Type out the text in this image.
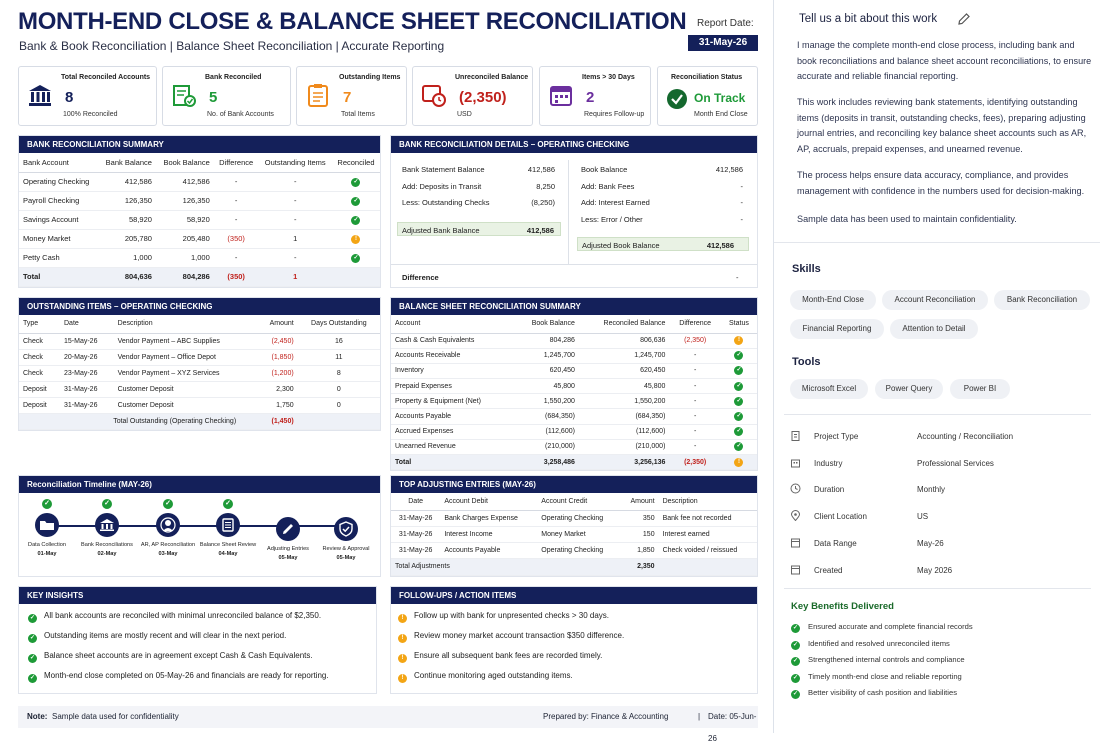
MONTH-END CLOSE & BALANCE SHEET RECONCILIATION
Bank & Book Reconciliation | Balance Sheet Reconciliation | Accurate Reporting
Report Date:
31-May-26
Total Reconciled Accounts
8
100% Reconciled
Bank Reconciled
5
No. of Bank Accounts
Outstanding Items
7
Total Items
Unreconciled Balance
(2,350)
USD
Items > 30 Days
2
Requires Follow-up
Reconciliation Status
On Track
Month End Close
BANK RECONCILIATION SUMMARY
Bank Account	Bank Balance	Book Balance	Difference	Outstanding Items	Reconciled
Operating Checking	412,586	412,586	-	-	✓
Payroll Checking	126,350	126,350	-	-	✓
Savings Account	58,920	58,920	-	-	✓
Money Market	205,780	205,480	(350)	1	!
Petty Cash	1,000	1,000	-	-	✓
Total	804,636	804,286	(350)	1	
BANK RECONCILIATION DETAILS – OPERATING CHECKING
Adjusted Bank Balance	412,586
Adjusted Book Balance	412,586
Difference	-
Bank Statement Balance	412,586
Add: Deposits in Transit	8,250
Less: Outstanding Checks	(8,250)
Book Balance	412,586
Add: Bank Fees	-
Add: Interest Earned	-
Less: Error / Other	-
OUTSTANDING ITEMS – OPERATING CHECKING
Type	Date	Description	Amount	Days Outstanding
Check	15-May-26	Vendor Payment – ABC Supplies	(2,450)	16
Check	20-May-26	Vendor Payment – Office Depot	(1,850)	11
Check	23-May-26	Vendor Payment – XYZ Services	(1,200)	8
Deposit	31-May-26	Customer Deposit	2,300	0
Deposit	31-May-26	Customer Deposit	1,750	0
Total Outstanding (Operating Checking)			(1,450)	
BALANCE SHEET RECONCILIATION SUMMARY
Account	Book Balance	Reconciled Balance	Difference	Status
Cash & Cash Equivalents	804,286	806,636	(2,350)	!
Accounts Receivable	1,245,700	1,245,700	-	✓
Inventory	620,450	620,450	-	✓
Prepaid Expenses	45,800	45,800	-	✓
Property & Equipment (Net)	1,550,200	1,550,200	-	✓
Accounts Payable	(684,350)	(684,350)	-	✓
Accrued Expenses	(112,600)	(112,600)	-	✓
Unearned Revenue	(210,000)	(210,000)	-	✓
Total	3,258,486	3,256,136	(2,350)	!
Reconciliation Timeline (MAY-26)
✓
Data Collection
01-May
✓
Bank Reconciliations
02-May
✓
AR, AP Reconciliation
03-May
✓
Balance Sheet Review
04-May
Adjusting Entries
05-May
Review & Approval
05-May
TOP ADJUSTING ENTRIES (MAY-26)
Date	Account Debit	Account Credit	Amount	Description
31-May-26	Bank Charges Expense	Operating Checking	350	Bank fee not recorded
31-May-26	Interest Income	Money Market	150	Interest earned
31-May-26	Accounts Payable	Operating Checking	1,850	Check voided / reissued
Total Adjustments			2,350	
KEY INSIGHTS
✓ All bank accounts are reconciled with minimal unreconciled balance of $2,350.
✓ Outstanding items are mostly recent and will clear in the next period.
✓ Balance sheet accounts are in agreement except Cash & Cash Equivalents.
✓ Month-end close completed on 05-May-26 and financials are ready for reporting.
FOLLOW-UPS / ACTION ITEMS
! Follow up with bank for unpresented checks > 30 days.
! Review money market account transaction $350 difference.
! Ensure all subsequent bank fees are recorded timely.
! Continue monitoring aged outstanding items.
Note: Sample data used for confidentiality	Prepared by: Finance & Accounting	| Date: 05-Jun-26
Tell us a bit about this work
I manage the complete month-end close process, including bank and book reconciliations and balance sheet account reconciliations, to ensure accurate and reliable financial reporting.
This work includes reviewing bank statements, identifying outstanding items (deposits in transit, outstanding checks, fees), preparing adjusting journal entries, and reconciling key balance sheet accounts such as AR, AP, accruals, prepaid expenses, and unearned revenue.
The process helps ensure data accuracy, compliance, and provides management with confidence in the numbers used for decision-making.
Sample data has been used to maintain confidentiality.
Skills
Month-End Close	Account Reconciliation	Bank Reconciliation
Financial Reporting	Attention to Detail
Tools
Microsoft Excel	Power Query	Power BI
Project Type	Accounting / Reconciliation
Industry	Professional Services
Duration	Monthly
Client Location	US
Data Range	May-26
Created	May 2026
Key Benefits Delivered
✓ Ensured accurate and complete financial records
✓ Identified and resolved unreconciled items
✓ Strengthened internal controls and compliance
✓ Timely month-end close and reliable reporting
✓ Better visibility of cash position and liabilities
